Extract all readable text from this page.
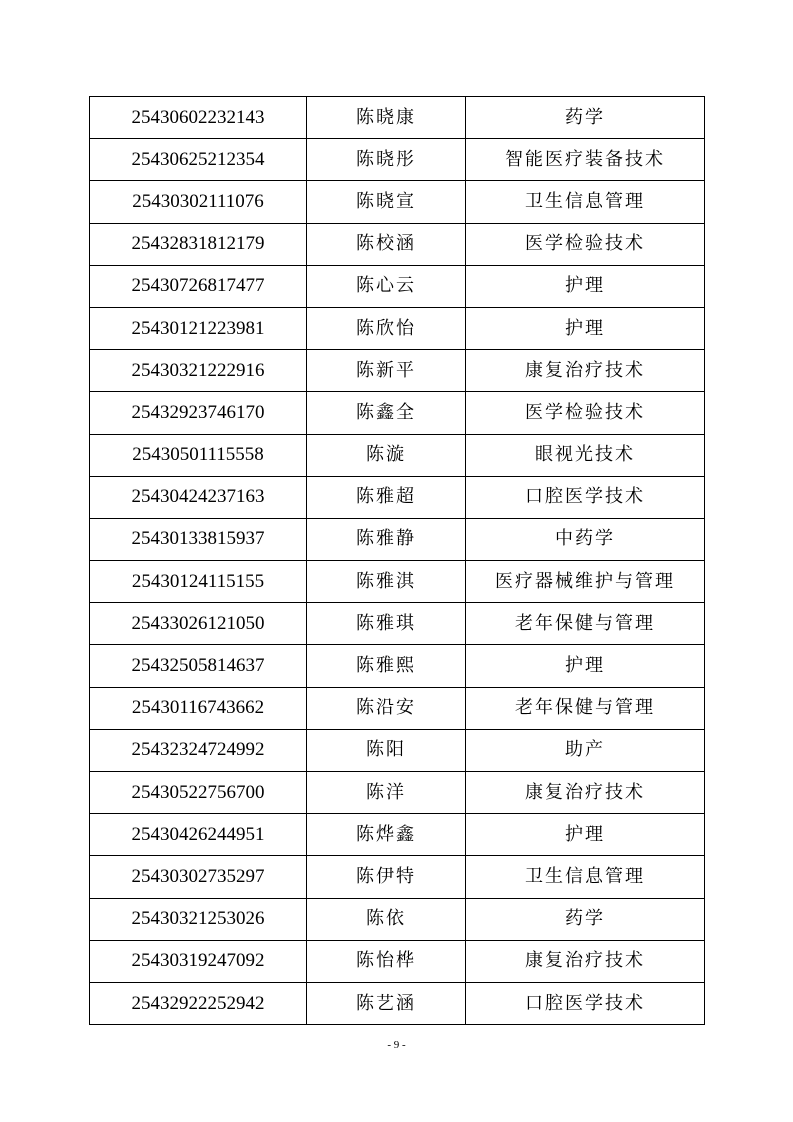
25430602232143	陈晓康	药学
25430625212354	陈晓彤	智能医疗装备技术
25430302111076	陈晓宣	卫生信息管理
25432831812179	陈校涵	医学检验技术
25430726817477	陈心云	护理
25430121223981	陈欣怡	护理
25430321222916	陈新平	康复治疗技术
25432923746170	陈鑫全	医学检验技术
25430501115558	陈漩	眼视光技术
25430424237163	陈雅超	口腔医学技术
25430133815937	陈雅静	中药学
25430124115155	陈雅淇	医疗器械维护与管理
25433026121050	陈雅琪	老年保健与管理
25432505814637	陈雅熙	护理
25430116743662	陈沿安	老年保健与管理
25432324724992	陈阳	助产
25430522756700	陈洋	康复治疗技术
25430426244951	陈烨鑫	护理
25430302735297	陈伊特	卫生信息管理
25430321253026	陈依	药学
25430319247092	陈怡桦	康复治疗技术
25432922252942	陈艺涵	口腔医学技术
- 9 -
